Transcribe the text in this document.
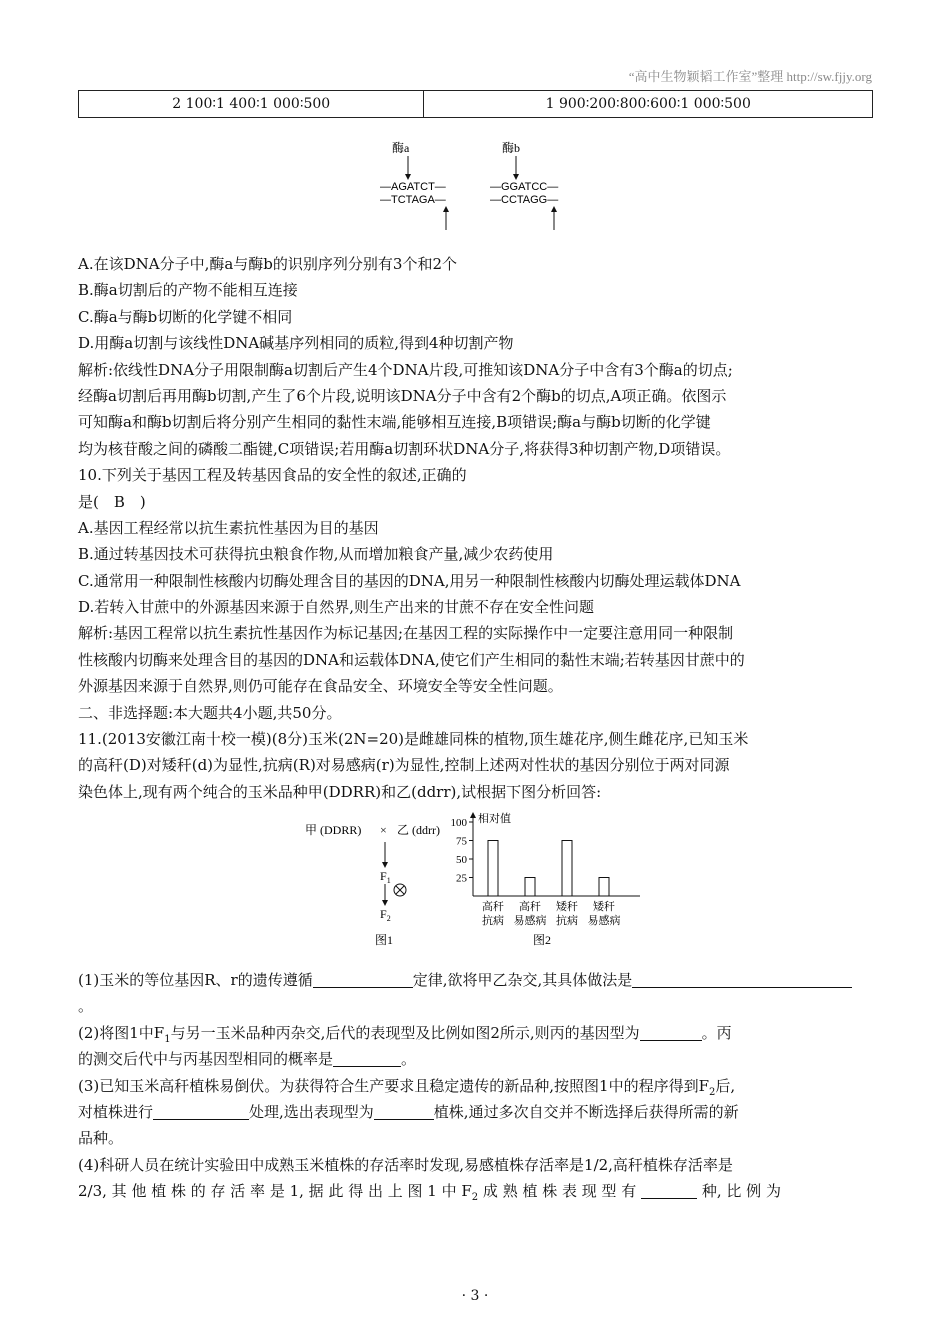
“高中生物颖韬工作室”整理 http://sw.fjjy.org
2 100∶1 400∶1 000∶500	1 900∶200∶800∶600∶1 000∶500
酶a	酶b
—AGATCT—
—TCTAGA—
—GGATCC—
—CCTAGG—
A.在该DNA分子中,酶a与酶b的识别序列分别有3个和2个
B.酶a切割后的产物不能相互连接
C.酶a与酶b切断的化学键不相同
D.用酶a切割与该线性DNA碱基序列相同的质粒,得到4种切割产物
解析:依线性DNA分子用限制酶a切割后产生4个DNA片段,可推知该DNA分子中含有3个酶a的切点;
经酶a切割后再用酶b切割,产生了6个片段,说明该DNA分子中含有2个酶b的切点,A项正确。依图示
可知酶a和酶b切割后将分别产生相同的黏性末端,能够相互连接,B项错误;酶a与酶b切断的化学键
均为核苷酸之间的磷酸二酯键,C项错误;若用酶a切割环状DNA分子,将获得3种切割产物,D项错误。
10.下列关于基因工程及转基因食品的安全性的叙述,正确的
是(　B　)
A.基因工程经常以抗生素抗性基因为目的基因
B.通过转基因技术可获得抗虫粮食作物,从而增加粮食产量,减少农药使用
C.通常用一种限制性核酸内切酶处理含目的基因的DNA,用另一种限制性核酸内切酶处理运载体DNA
D.若转入甘蔗中的外源基因来源于自然界,则生产出来的甘蔗不存在安全性问题
解析:基因工程常以抗生素抗性基因作为标记基因;在基因工程的实际操作中一定要注意用同一种限制
性核酸内切酶来处理含目的基因的DNA和运载体DNA,使它们产生相同的黏性末端;若转基因甘蔗中的
外源基因来源于自然界,则仍可能存在食品安全、环境安全等安全性问题。
二、非选择题:本大题共4小题,共50分。
11.(2013安徽江南十校一模)(8分)玉米(2N=20)是雌雄同株的植物,顶生雄花序,侧生雌花序,已知玉米
的高秆(D)对矮秆(d)为显性,抗病(R)对易感病(r)为显性,控制上述两对性状的基因分别位于两对同源
染色体上,现有两个纯合的玉米品种甲(DDRR)和乙(ddrr),试根据下图分析回答:
甲 (DDRR) × 乙 (ddrr)
$F_1$
$F_2$
图1
相对值
图2
25
50
75
100
高秆
抗病
高秆
易感病
矮秆
抗病
矮秆
易感病
(1)玉米的等位基因R、r的遗传遵循	定律,欲将甲乙杂交,其具体做法是
。
(2)将图1中$F_1$与另一玉米品种丙杂交,后代的表现型及比例如图2所示,则丙的基因型为	。丙
的测交后代中与丙基因型相同的概率是	。
(3)已知玉米高秆植株易倒伏。为获得符合生产要求且稳定遗传的新品种,按照图1中的程序得到$F_2$后,
对植株进行	处理,选出表现型为	植株,通过多次自交并不断选择后获得所需的新
品种。
(4)科研人员在统计实验田中成熟玉米植株的存活率时发现,易感植株存活率是1/2,高秆植株存活率是
2/3, 其 他 植 株 的 存 活 率 是 1, 据 此 得 出 上 图 1 中 $F_2$ 成 熟 植 株 表 现 型 有	种, 比 例 为
· 3 ·
